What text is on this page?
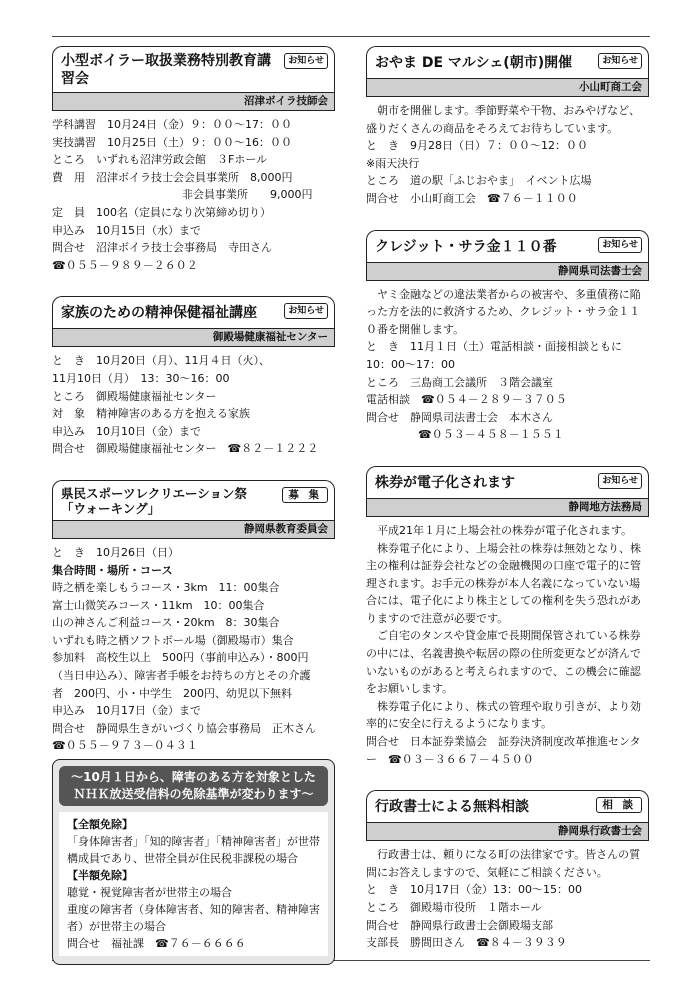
小型ボイラー取扱業務特別教育講習会
お知らせ
沼津ボイラ技師会

学科講習　10月24日（金）９：００～17：００

実技講習　10月25日（土）９：００～16：００

ところ　いずれも沼津労政会館　３Fホール

費　用　沼津ボイラ技士会会員事業所　8,000円

非会員事業所　　9,000円

定　員　100名（定員になり次第締め切り）

申込み　10月15日（水）まで

問合せ　沼津ボイラ技士会事務局　寺田さん

☎０５５－９８９－２６０２

家族のための精神保健福祉講座	お知らせ
御殿場健康福祉センター

と　き　10月20日（月）、11月４日（火）、

11月10日（月）　13：30～16：00

ところ　御殿場健康福祉センター

対　象　精神障害のある方を抱える家族

申込み　10月10日（金）まで

問合せ　御殿場健康福祉センター　☎８２－１２２２

県民スポーツレクリエーション祭
「ウォーキング」
募 集
静岡県教育委員会

と　き　10月26日（日）

集合時間・場所・コース

時之栖を楽しもうコース・3km　11：00集合

富士山微笑みコース・11km　10：00集合

山の神さんご利益コース・20km　8：30集合

いずれも時之栖ソフトボール場（御殿場市）集合

参加料　高校生以上　500円（事前申込み）・800円

（当日申込み）、障害者手帳をお持ちの方とその介護

者　200円、小・中学生　200円、幼児以下無料

申込み　10月17日（金）まで

問合せ　静岡県生きがいづくり協会事務局　正木さん

☎０５５－９７３－０４３１

～10月１日から、障害のある方を対象とした
ＮＨＫ放送受信料の免除基準が変わります～
【全額免除】
「身体障害者」「知的障害者」「精神障害者」が世帯構成員であり、世帯全員が住民税非課税の場合
【半額免除】
聴覚・視覚障害者が世帯主の場合
重度の障害者（身体障害者、知的障害者、精神障害者）が世帯主の場合
問合せ　福祉課　☎７６－６６６６
おやま DE マルシェ(朝市)開催	お知らせ
小山町商工会

朝市を開催します。季節野菜や干物、おみやげなど、盛りだくさんの商品をそろえてお待ちしています。

と　き　9月28日（日）７：００～12：００

※雨天決行

ところ　道の駅「ふじおやま」　イベント広場

問合せ　小山町商工会　☎７６－１１００

クレジット・サラ金１１０番	お知らせ
静岡県司法書士会

ヤミ金融などの違法業者からの被害や、多重債務に陥った方を法的に救済するため、クレジット・サラ金１１０番を開催します。

と　き　11月１日（土）電話相談・面接相談ともに

10：00～17：00

ところ　三島商工会議所　３階会議室

電話相談　☎０５４－２８９－３７０５

問合せ　静岡県司法書士会　本木さん

☎０５３－４５８－１５５１

株券が電子化されます	お知らせ
静岡地方法務局

平成21年１月に上場会社の株券が電子化されます。

株券電子化により、上場会社の株券は無効となり、株主の権利は証券会社などの金融機関の口座で電子的に管理されます。お手元の株券が本人名義になっていない場合には、電子化により株主としての権利を失う恐れがありますので注意が必要です。

ご自宅のタンスや貸金庫で長期間保管されている株券の中には、名義書換や転居の際の住所変更などが済んでいないものがあると考えられますので、この機会に確認をお願いします。

株券電子化により、株式の管理や取り引きが、より効率的に安全に行えるようになります。

問合せ　日本証券業協会　証券決済制度改革推進センター　☎０３－３６６７－４５００

行政書士による無料相談	相 談
静岡県行政書士会

行政書士は、頼りになる町の法律家です。皆さんの質問にお答えしますので、気軽にご相談ください。

と　き　10月17日（金）13：00～15：00

ところ　御殿場市役所　１階ホール

問合せ　静岡県行政書士会御殿場支部

支部長　勝間田さん　☎８４－３９３９
